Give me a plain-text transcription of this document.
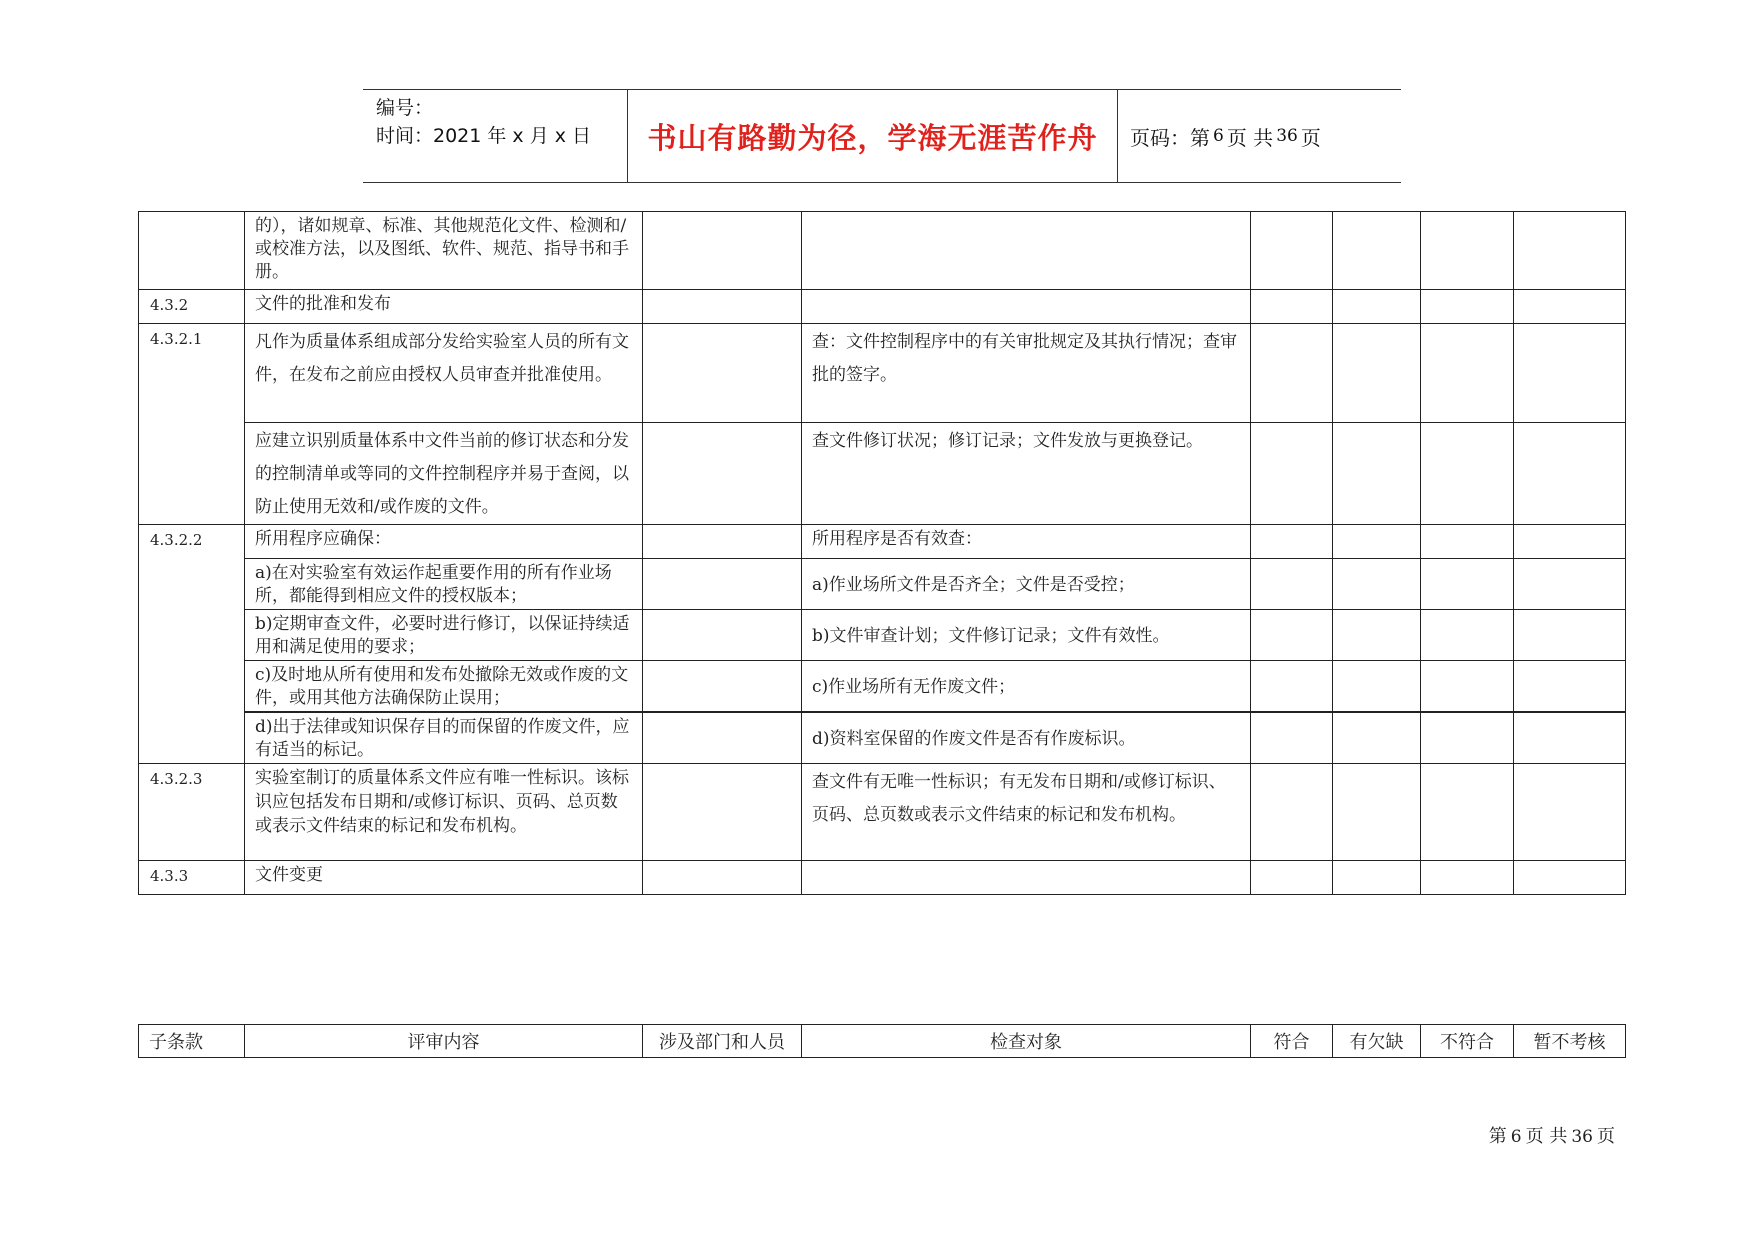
编号：
时间：2021 年 x 月 x 日	书山有路勤为径，学海无涯苦作舟 页码：第 6 页 共 36 页
	的），诸如规章、标准、其他规范化文件、检测和/或校准方法，以及图纸、软件、规范、指导书和手册。						
4.3.2	文件的批准和发布						
4.3.2.1	凡作为质量体系组成部分发给实验室人员的所有文件，在发布之前应由授权人员审查并批准使用。		查：文件控制程序中的有关审批规定及其执行情况；查审批的签字。				
	应建立识别质量体系中文件当前的修订状态和分发的控制清单或等同的文件控制程序并易于查阅，以防止使用无效和/或作废的文件。		查文件修订状况；修订记录；文件发放与更换登记。				
4.3.2.2	所用程序应确保：		所用程序是否有效查：				
	a)在对实验室有效运作起重要作用的所有作业场所，都能得到相应文件的授权版本；		a)作业场所文件是否齐全；文件是否受控；				
	b)定期审查文件，必要时进行修订，以保证持续适用和满足使用的要求；		b)文件审查计划；文件修订记录；文件有效性。				
	c)及时地从所有使用和发布处撤除无效或作废的文件，或用其他方法确保防止误用；		c)作业场所有无作废文件；				
	d)出于法律或知识保存目的而保留的作废文件，应有适当的标记。		d)资料室保留的作废文件是否有作废标识。				
4.3.2.3	实验室制订的质量体系文件应有唯一性标识。该标识应包括发布日期和/或修订标识、页码、总页数或表示文件结束的标记和发布机构。		查文件有无唯一性标识；有无发布日期和/或修订标识、页码、总页数或表示文件结束的标记和发布机构。				
4.3.3	文件变更						
子条款	评审内容	涉及部门和人员	检查对象	符合	有欠缺	不符合	暂不考核
第 6 页 共 36 页
